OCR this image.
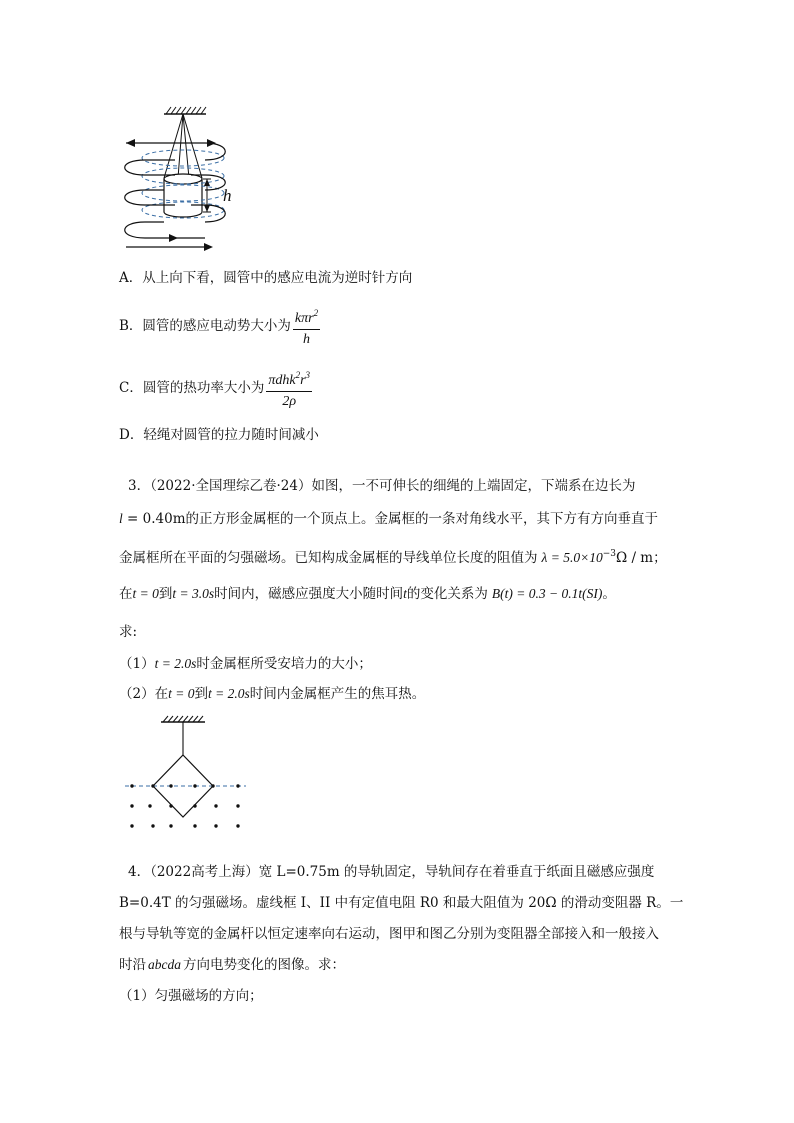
h
A．从上向下看，圆管中的感应电流为逆时针方向
B．圆管的感应电动势大小为 $\frac{k\pi r^2}{h}$
C．圆管的热功率大小为 $\frac{\pi dhk^2r^3}{2\rho}$
D．轻绳对圆管的拉力随时间减小
3．（2022·全国理综乙卷·24）如图，一不可伸长的细绳的上端固定，下端系在边长为
l = 0.40m的正方形金属框的一个顶点上。金属框的一条对角线水平，其下方有方向垂直于
金属框所在平面的匀强磁场。已知构成金属框的导线单位长度的阻值为 $\lambda = 5.0\times 10^{-3}\Omega / m$；
在t = 0到t = 3.0s时间内，磁感应强度大小随时间t的变化关系为 B(t) = 0.3 − 0.1t(SI)。
求:
（1）t = 2.0s时金属框所受安培力的大小；
（2）在t = 0到t = 2.0s时间内金属框产生的焦耳热。
4．（2022高考上海）宽 L=0.75m 的导轨固定，导轨间存在着垂直于纸面且磁感应强度
B=0.4T 的匀强磁场。虚线框 I、II 中有定值电阻 R0 和最大阻值为 20Ω 的滑动变阻器 R。一
根与导轨等宽的金属杆以恒定速率向右运动，图甲和图乙分别为变阻器全部接入和一般接入
时沿 abcda 方向电势变化的图像。求：
（1）匀强磁场的方向；
